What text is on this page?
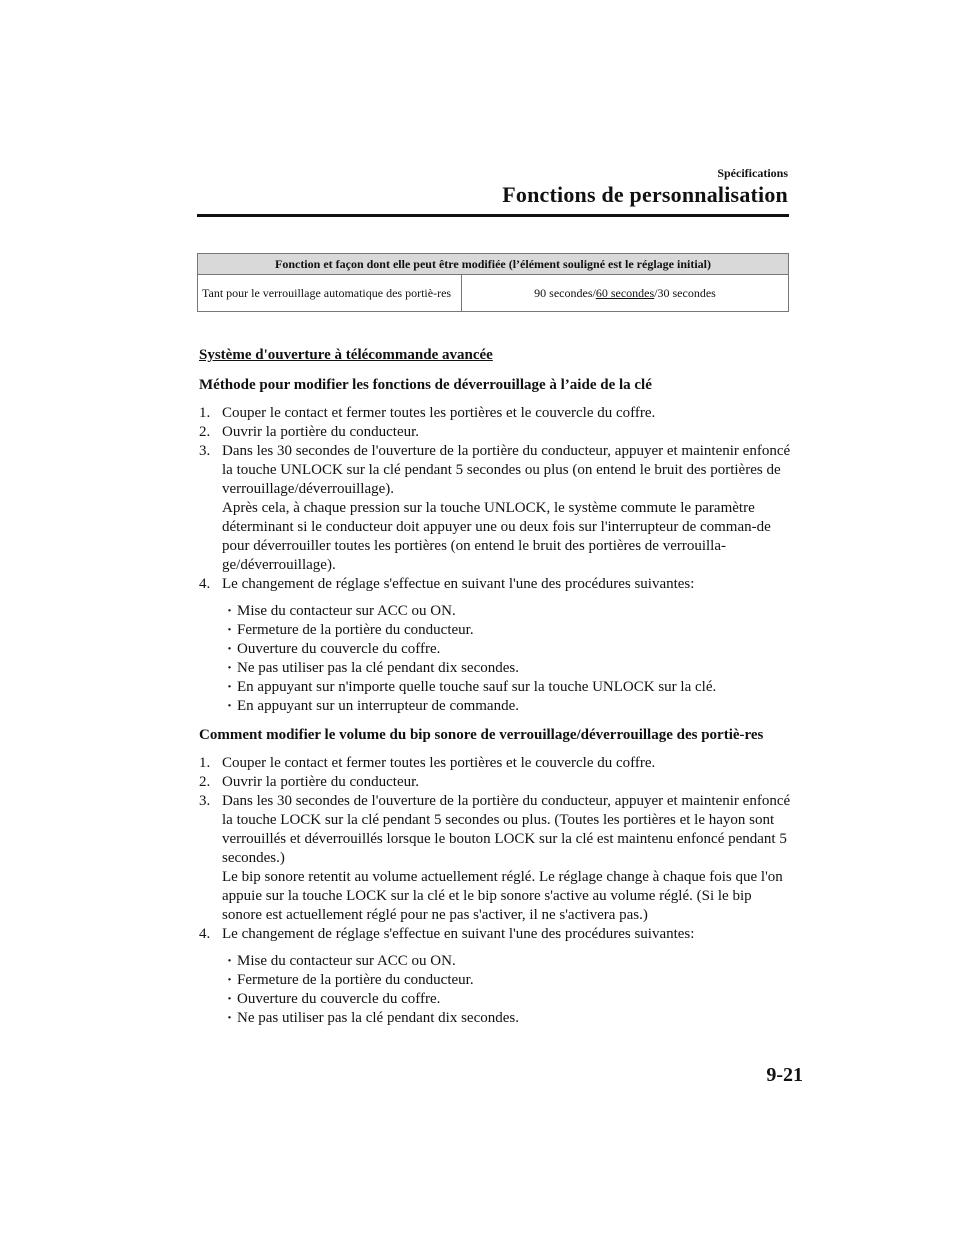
Spécifications
Fonctions de personnalisation
Fonction et façon dont elle peut être modifiée (l’élément souligné est le réglage initial)
Tant pour le verrouillage automatique des portiè-res	90 secondes/60 secondes/30 secondes
Système d'ouverture à télécommande avancée
Méthode pour modifier les fonctions de déverrouillage à l’aide de la clé
1. Couper le contact et fermer toutes les portières et le couvercle du coffre.
2. Ouvrir la portière du conducteur.
3. Dans les 30 secondes de l'ouverture de la portière du conducteur, appuyer et maintenir enfoncé la touche UNLOCK sur la clé pendant 5 secondes ou plus (on entend le bruit des portières de verrouillage/déverrouillage).
Après cela, à chaque pression sur la touche UNLOCK, le système commute le paramètre déterminant si le conducteur doit appuyer une ou deux fois sur l'interrupteur de comman-de pour déverrouiller toutes les portières (on entend le bruit des portières de verrouilla-ge/déverrouillage).
4. Le changement de réglage s'effectue en suivant l'une des procédures suivantes:
· Mise du contacteur sur ACC ou ON.
· Fermeture de la portière du conducteur.
· Ouverture du couvercle du coffre.
· Ne pas utiliser pas la clé pendant dix secondes.
· En appuyant sur n'importe quelle touche sauf sur la touche UNLOCK sur la clé.
· En appuyant sur un interrupteur de commande.
Comment modifier le volume du bip sonore de verrouillage/déverrouillage des portiè-res
1. Couper le contact et fermer toutes les portières et le couvercle du coffre.
2. Ouvrir la portière du conducteur.
3. Dans les 30 secondes de l'ouverture de la portière du conducteur, appuyer et maintenir enfoncé la touche LOCK sur la clé pendant 5 secondes ou plus. (Toutes les portières et le hayon sont verrouillés et déverrouillés lorsque le bouton LOCK sur la clé est maintenu enfoncé pendant 5 secondes.)
Le bip sonore retentit au volume actuellement réglé. Le réglage change à chaque fois que l'on appuie sur la touche LOCK sur la clé et le bip sonore s'active au volume réglé. (Si le bip sonore est actuellement réglé pour ne pas s'activer, il ne s'activera pas.)
4. Le changement de réglage s'effectue en suivant l'une des procédures suivantes:
· Mise du contacteur sur ACC ou ON.
· Fermeture de la portière du conducteur.
· Ouverture du couvercle du coffre.
· Ne pas utiliser pas la clé pendant dix secondes.
9-21
